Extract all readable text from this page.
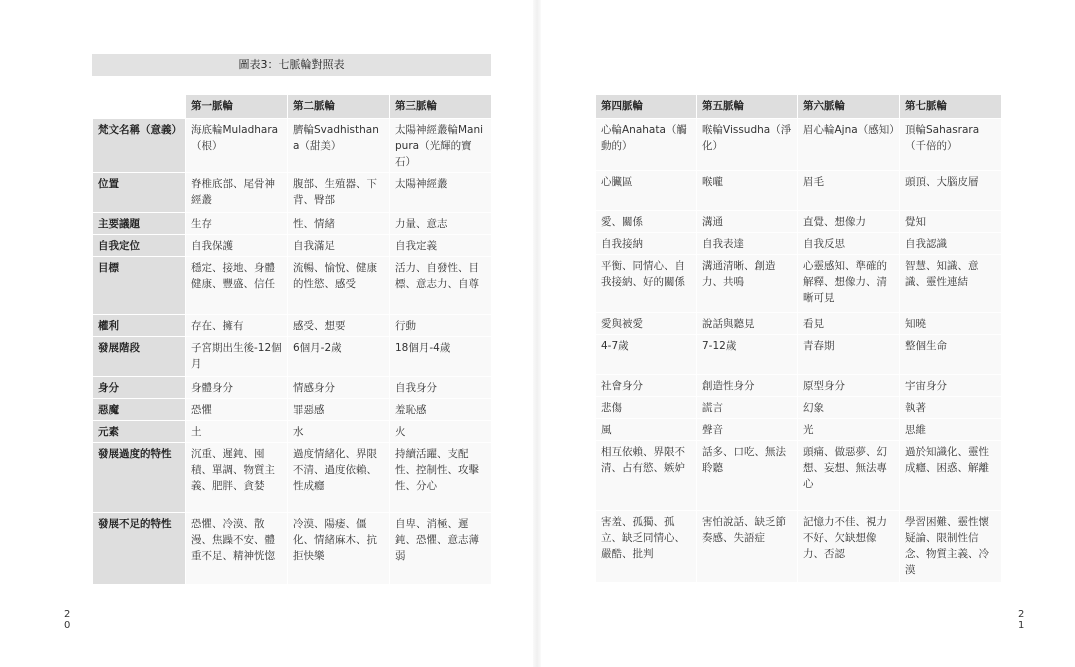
圖表3：七脈輪對照表
	第一脈輪	第二脈輪	第三脈輪
梵文名稱（意義）	海底輪Muladhara（根）	臍輪Svadhisthana（甜美）	太陽神經叢輪Manipura（光輝的寶石）
位置	脊椎底部、尾骨神經叢	腹部、生殖器、下背、臀部	太陽神經叢
主要議題	生存	性、情緒	力量、意志
自我定位	自我保護	自我滿足	自我定義
目標	穩定、接地、身體健康、豐盛、信任	流暢、愉悅、健康的性慾、感受	活力、自發性、目標、意志力、自尊
權利	存在、擁有	感受、想要	行動
發展階段	子宮期出生後-12個月	6個月-2歲	18個月-4歲
身分	身體身分	情感身分	自我身分
惡魔	恐懼	罪惡感	羞恥感
元素	土	水	火
發展過度的特性	沉重、遲鈍、囤積、單調、物質主義、肥胖、貪婪	過度情緒化、界限不清、過度依賴、性成癮	持續活躍、支配性、控制性、攻擊性、分心
發展不足的特性	恐懼、冷漠、散漫、焦躁不安、體重不足、精神恍惚	冷漠、陽痿、僵化、情緒麻木、抗拒快樂	自卑、消極、遲鈍、恐懼、意志薄弱
第四脈輪	第五脈輪	第六脈輪	第七脈輪
心輪Anahata（觸動的）	喉輪Vissudha（淨化）	眉心輪Ajna（感知）	頂輪Sahasrara（千倍的）
心臟區	喉嚨	眉毛	頭頂、大腦皮層
愛、關係	溝通	直覺、想像力	覺知
自我接納	自我表達	自我反思	自我認識
平衡、同情心、自我接納、好的關係	溝通清晰、創造力、共鳴	心靈感知、準確的解釋、想像力、清晰可見	智慧、知識、意識、靈性連結
愛與被愛	說話與聽見	看見	知曉
4-7歲	7-12歲	青春期	整個生命
社會身分	創造性身分	原型身分	宇宙身分
悲傷	謊言	幻象	執著
風	聲音	光	思維
相互依賴、界限不清、占有慾、嫉妒	話多、口吃、無法聆聽	頭痛、做惡夢、幻想、妄想、無法專心	過於知識化、靈性成癮、困惑、解離
害羞、孤獨、孤立、缺乏同情心、嚴酷、批判	害怕說話、缺乏節奏感、失語症	記憶力不佳、視力不好、欠缺想像力、否認	學習困難、靈性懷疑論、限制性信念、物質主義、冷漠
2
0
2
1
